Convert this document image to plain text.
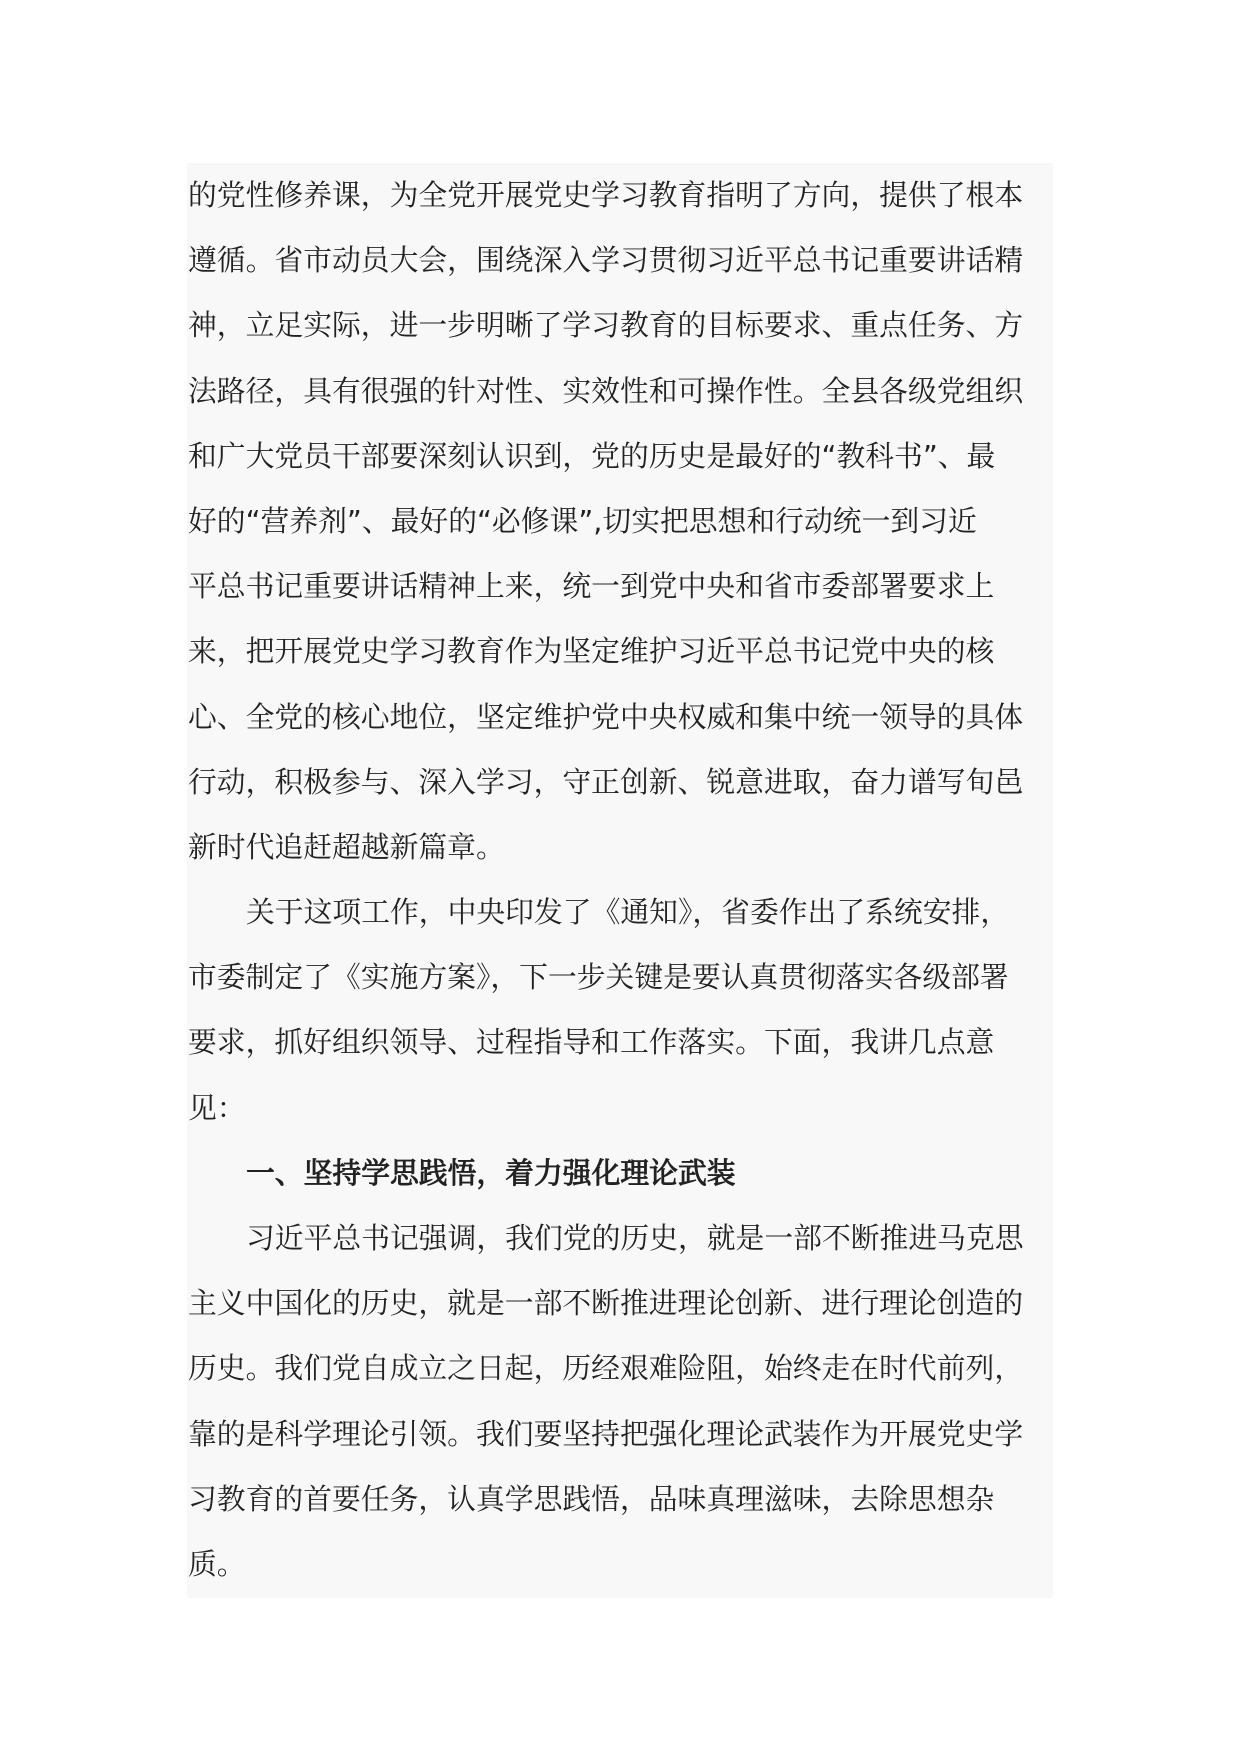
的党性修养课，为全党开展党史学习教育指明了方向，提供了根本
遵循。省市动员大会，围绕深入学习贯彻习近平总书记重要讲话精
神，立足实际，进一步明晰了学习教育的目标要求、重点任务、方
法路径，具有很强的针对性、实效性和可操作性。全县各级党组织
和广大党员干部要深刻认识到，党的历史是最好的“教科书”、最
好的“营养剂”、最好的“必修课”,切实把思想和行动统一到习近
平总书记重要讲话精神上来，统一到党中央和省市委部署要求上
来，把开展党史学习教育作为坚定维护习近平总书记党中央的核
心、全党的核心地位，坚定维护党中央权威和集中统一领导的具体
行动，积极参与、深入学习，守正创新、锐意进取，奋力谱写旬邑
新时代追赶超越新篇章。
关于这项工作，中央印发了《通知》，省委作出了系统安排，
市委制定了《实施方案》，下一步关键是要认真贯彻落实各级部署
要求，抓好组织领导、过程指导和工作落实。下面，我讲几点意
见：
一、坚持学思践悟，着力强化理论武装
习近平总书记强调，我们党的历史，就是一部不断推进马克思
主义中国化的历史，就是一部不断推进理论创新、进行理论创造的
历史。我们党自成立之日起，历经艰难险阻，始终走在时代前列，
靠的是科学理论引领。我们要坚持把强化理论武装作为开展党史学
习教育的首要任务，认真学思践悟，品味真理滋味，去除思想杂
质。
